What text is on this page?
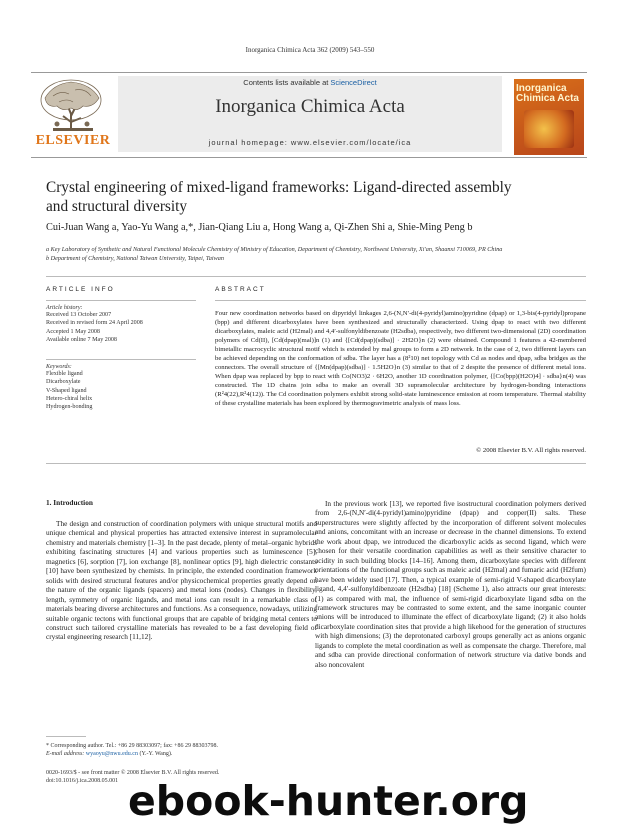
Inorganica Chimica Acta 362 (2009) 543–550
ELSEVIER
Contents lists available at ScienceDirect
Inorganica Chimica Acta
journal homepage: www.elsevier.com/locate/ica
Inorganica Chimica Acta
Crystal engineering of mixed-ligand frameworks: Ligand-directed assembly
and structural diversity
Cui-Juan Wang a, Yao-Yu Wang a,*, Jian-Qiang Liu a, Hong Wang a, Qi-Zhen Shi a, Shie-Ming Peng b
a Key Laboratory of Synthetic and Natural Functional Molecule Chemistry of Ministry of Education, Department of Chemistry, Northwest University, Xi'an, Shaanxi 710069, PR China
b Department of Chemistry, National Taiwan University, Taipei, Taiwan
ARTICLE INFO
Article history:
Received 13 October 2007
Received in revised form 24 April 2008
Accepted 1 May 2008
Available online 7 May 2008
Keywords:
Flexible ligand
Dicarboxylate
V-Shaped ligand
Hetero-chiral helix
Hydrogen-bonding
ABSTRACT
Four new coordination networks based on dipyridyl linkages 2,6-(N,N′-di(4-pyridyl)amino)pyridine (dpap) or 1,3-bis(4-pyridyl)propane (bpp) and different dicarboxylates have been synthesized and structurally characterized. Using dpap to react with two different dicarboxylates, maleic acid (H2mal) and 4,4′-sulfonyldibenzoate (H2sdba), respectively, two different two-dimensional (2D) coordination polymers of Cd(II), [Cd(dpap)(mal)]n (1) and {[Cd(dpap)(sdba)] · 2H2O}n (2) were obtained. Compound 1 features a 42-membered bimetallic macrocyclic structural motif which is extended by mal groups to form a 2D network. In the case of 2, two different layers can be achieved depending on the conformation of sdba. The layer has a (8²10) net topology with Cd as nodes and dpap, sdba bridges as the connectors. The overall structure of {[Mn(dpap)(sdba)] · 1.5H2O}n (3) similar to that of 2 despite the presence of different metal ions. When dpap was replaced by bpp to react with Co(NO3)2 · 6H2O, another 1D coordination polymer, {[Co(bpp)(H2O)4] · sdba}n(4) was constructed. The 1D chains join sdba to make an overall 3D supramolecular architecture by hydrogen-bonding interactions (R²4(22),R²4(12)). The Cd coordination polymers exhibit strong solid-state luminescence emission at room temperature. Thermal stability of these crystalline materials has been explored by thermogravimetric analysis of mass loss.
© 2008 Elsevier B.V. All rights reserved.
1. Introduction

The design and construction of coordination polymers with unique structural motifs and unique chemical and physical properties has attracted extensive interest in supramolecular chemistry and materials chemistry [1–3]. In the past decade, plenty of metal–organic hybrids exhibiting fascinating structures [4] and various properties such as luminescence [5], magnetics [6], sorption [7], ion exchange [8], nonlinear optics [9], high dielectric constants [10] have been synthesized by chemists. In principle, the extended coordination framework solids with desired structural features and/or physicochemical properties greatly depend on the nature of the organic ligands (spacers) and metal ions (nodes). Changes in flexibility, length, symmetry of organic ligands, and metal ions can result in a remarkable class of materials bearing diverse architectures and functions. As a consequence, nowadays, utilizing suitable organic tectons with functional groups that are capable of bridging metal centers to construct such tailored crystalline materials has revealed to be a fast developing field of crystal engineering research [11,12].

In the previous work [13], we reported five isostructural coordination polymers derived from 2,6-(N,N′-di(4-pyridyl)amino)pyridine (dpap) and copper(II) salts. These superstructures were slightly affected by the incorporation of different solvent molecules and anions, concomitant with an increase or decrease in the channel dimensions. To extend the work about dpap, we introduced the dicarboxylic acids as second ligand, which were chosen for their versatile coordination capabilities as well as their sensitive character to acidity in such building blocks [14–16]. Among them, dicarboxylate species with different orientations of the functional groups such as maleic acid (H2mal) and fumaric acid (H2fum) have been widely used [17]. Then, a typical example of semi-rigid V-shaped dicarboxylate ligand, 4,4′-sulfonyldibenzoate (H2sdba) [18] (Scheme 1), also attracts our great interests: (1) as compared with mal, the influence of semi-rigid dicarboxylate ligand sdba on the framework structures may be contrasted to some extent, and the same inorganic counter anions will be introduced to illuminate the effect of dicarboxylate ligand; (2) it also holds dicarboxylate coordination sites that provide a high likehood for the generation of structures with high dimensions; (3) the deprotonated carboxyl groups generally act as anions organic ligands to complete the metal coordination as well as compensate the charge. Therefore, mal and sdba can provide directional conformation of network structure via dative bonds and also noncovalent

* Corresponding author. Tel.: +86 29 88303097; fax: +86 29 88303798.
E-mail address: wyaoyu@nwu.edu.cn (Y.-Y. Wang).
0020-1693/$ - see front matter © 2008 Elsevier B.V. All rights reserved.
doi:10.1016/j.ica.2008.05.001 ebook-hunter.org
